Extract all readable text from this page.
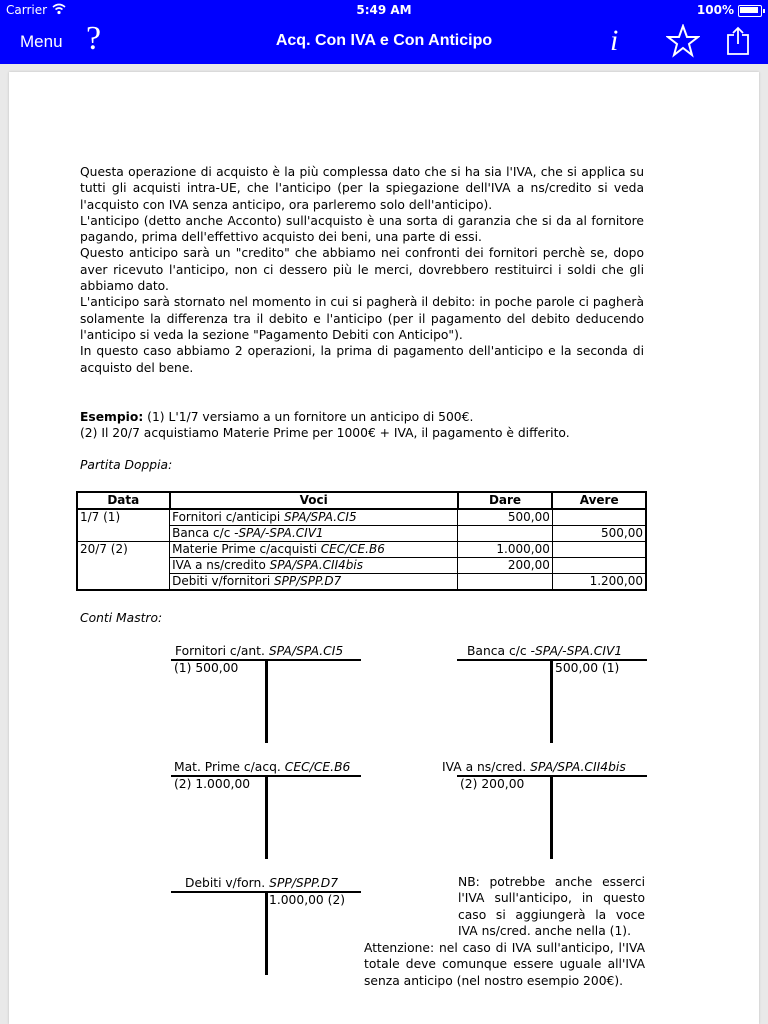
Carrier	5:49 AM	100%
Menu ?	Acq. Con IVA e Con Anticipo	i

Questa operazione di acquisto è la più complessa dato che si ha sia l'IVA, che si applica su tutti gli acquisti intra-UE, che l'anticipo (per la spiegazione dell'IVA a ns/credito si veda l'acquisto con IVA senza anticipo, ora parleremo solo dell'anticipo).

L'anticipo (detto anche Acconto) sull'acquisto è una sorta di garanzia che si da al fornitore pagando, prima dell'effettivo acquisto dei beni, una parte di essi.

Questo anticipo sarà un "credito" che abbiamo nei confronti dei fornitori perchè se, dopo aver ricevuto l'anticipo, non ci dessero più le merci, dovrebbero restituirci i soldi che gli abbiamo dato.

L'anticipo sarà stornato nel momento in cui si pagherà il debito: in poche parole ci pagherà solamente la differenza tra il debito e l'anticipo (per il pagamento del debito deducendo l'anticipo si veda la sezione "Pagamento Debiti con Anticipo").

In questo caso abbiamo 2 operazioni, la prima di pagamento dell'anticipo e la seconda di acquisto del bene.

Esempio: (1) L'1/7 versiamo a un fornitore un anticipo di 500€.

(2) Il 20/7 acquistiamo Materie Prime per 1000€ + IVA, il pagamento è differito.

Partita Doppia:
Data	Voci	Dare	Avere
1/7 (1)	Fornitori c/anticipi SPA/SPA.CI5	500,00	
	Banca c/c -SPA/-SPA.CIV1		500,00
20/7 (2)	Materie Prime c/acquisti CEC/CE.B6	1.000,00	
	IVA a ns/credito SPA/SPA.CII4bis	200,00	
	Debiti v/fornitori SPP/SPP.D7		1.200,00
Conti Mastro:
Fornitori c/ant. SPA/SPA.CI5
(1) 500,00
Banca c/c -SPA/-SPA.CIV1
500,00 (1)
Mat. Prime c/acq. CEC/CE.B6
(2) 1.000,00
IVA a ns/cred. SPA/SPA.CII4bis
(2) 200,00
Debiti v/forn. SPP/SPP.D7
1.000,00 (2)
NB: potrebbe anche esserci l'IVA sull'anticipo, in questo caso si aggiungerà la voce IVA ns/cred. anche nella (1).
Attenzione: nel caso di IVA sull'anticipo, l'IVA totale deve comunque essere uguale all'IVA senza anticipo (nel nostro esempio 200€).
